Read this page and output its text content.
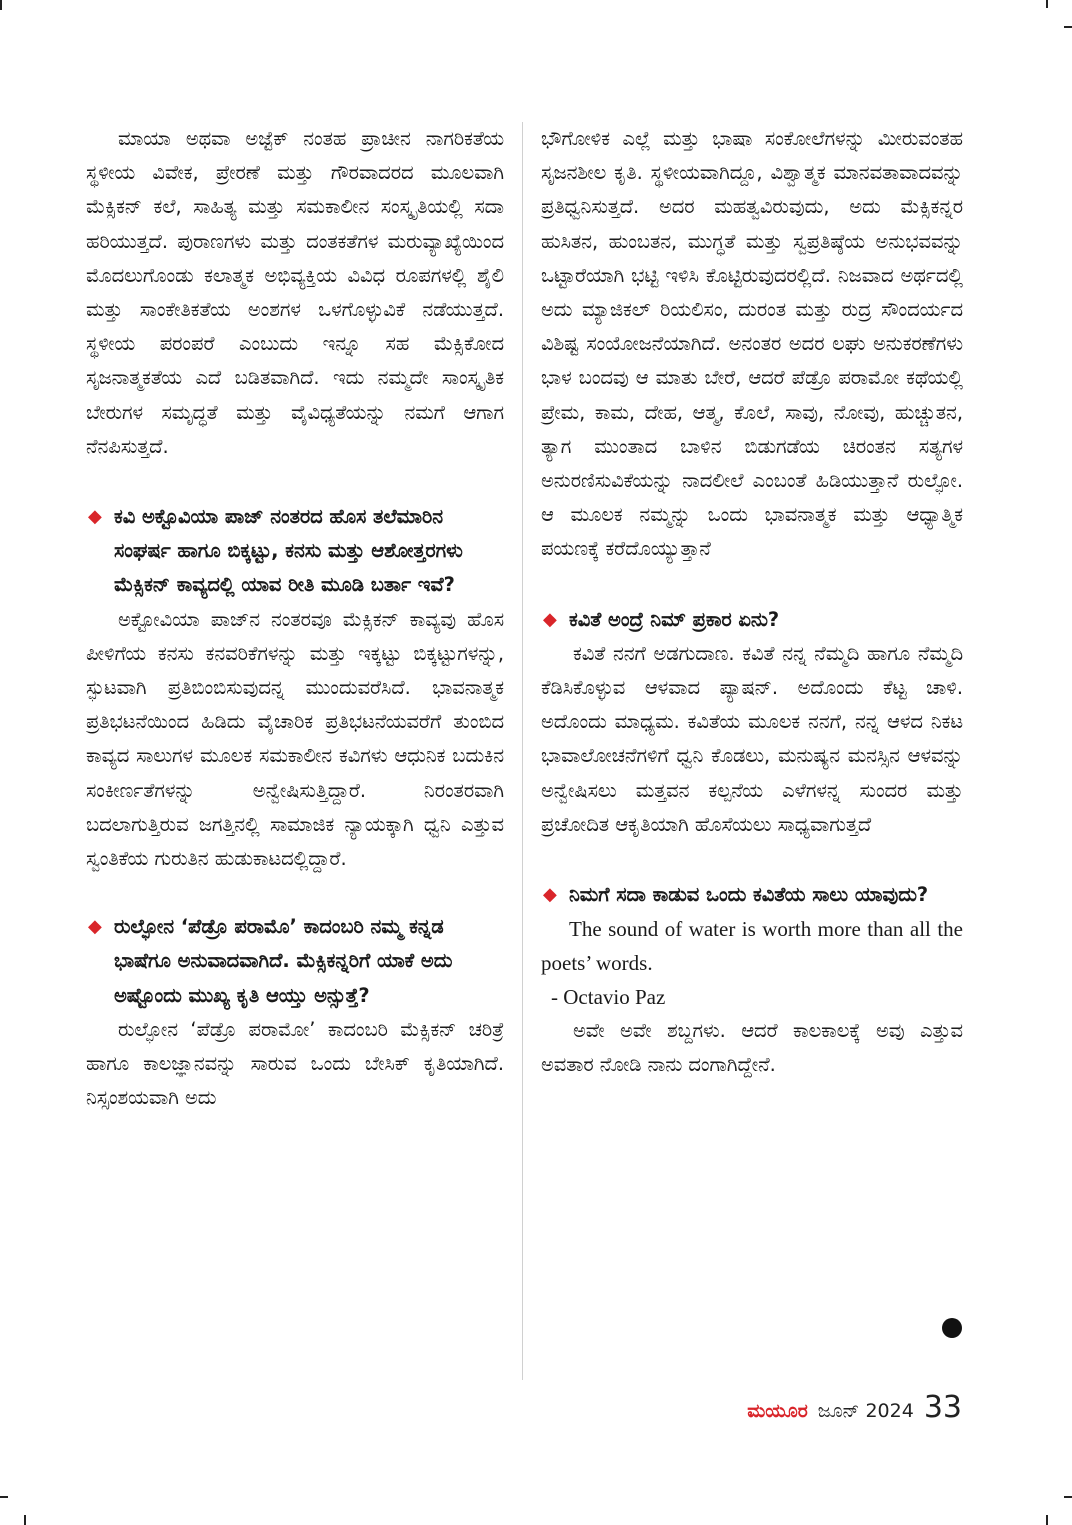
ಮಾಯಾ ಅಥವಾ ಅಜ್ಟೆಕ್ ನಂತಹ ಪ್ರಾಚೀನ ನಾಗರಿಕತೆಯ ಸ್ಥಳೀಯ ವಿವೇಕ, ಪ್ರೇರಣೆ ಮತ್ತು ಗೌರವಾದರದ ಮೂಲವಾಗಿ ಮೆಕ್ಸಿಕನ್ ಕಲೆ, ಸಾಹಿತ್ಯ ಮತ್ತು ಸಮಕಾಲೀನ ಸಂಸ್ಕೃತಿಯಲ್ಲಿ ಸದಾ ಹರಿಯುತ್ತದೆ. ಪುರಾಣಗಳು ಮತ್ತು ದಂತಕತೆಗಳ ಮರುವ್ಯಾಖ್ಯೆಯಿಂದ ಮೊದಲುಗೊಂಡು ಕಲಾತ್ಮಕ ಅಭಿವ್ಯಕ್ತಿಯ ವಿವಿಧ ರೂಪಗಳಲ್ಲಿ ಶೈಲಿ ಮತ್ತು ಸಾಂಕೇತಿಕತೆಯ ಅಂಶಗಳ ಒಳಗೊಳ್ಳುವಿಕೆ ನಡೆಯುತ್ತದೆ. ಸ್ಥಳೀಯ ಪರಂಪರೆ ಎಂಬುದು ಇನ್ನೂ ಸಹ ಮೆಕ್ಸಿಕೋದ ಸೃಜನಾತ್ಮಕತೆಯ ಎದೆ ಬಡಿತವಾಗಿದೆ. ಇದು ನಮ್ಮದೇ ಸಾಂಸ್ಕೃತಿಕ ಬೇರುಗಳ ಸಮೃದ್ಧತೆ ಮತ್ತು ವೈವಿಧ್ಯತೆಯನ್ನು ನಮಗೆ ಆಗಾಗ ನೆನಪಿಸುತ್ತದೆ.

◆ ಕವಿ ಅಕ್ಟೊವಿಯಾ ಪಾಜ್ ನಂತರದ ಹೊಸ ತಲೆಮಾರಿನ ಸಂಘರ್ಷ ಹಾಗೂ ಬಿಕ್ಕಟ್ಟು, ಕನಸು ಮತ್ತು ಆಶೋತ್ತರಗಳು ಮೆಕ್ಸಿಕನ್ ಕಾವ್ಯದಲ್ಲಿ ಯಾವ ರೀತಿ ಮೂಡಿ ಬರ್ತಾ ಇವೆ?

ಅಕ್ಟೋವಿಯಾ ಪಾಜ್‌ನ ನಂತರವೂ ಮೆಕ್ಸಿಕನ್ ಕಾವ್ಯವು ಹೊಸ ಪೀಳಿಗೆಯ ಕನಸು ಕನವರಿಕೆಗಳನ್ನು ಮತ್ತು ಇಕ್ಕಟ್ಟು ಬಿಕ್ಕಟ್ಟುಗಳನ್ನು, ಸ್ಫುಟವಾಗಿ ಪ್ರತಿಬಿಂಬಿಸುವುದನ್ನ ಮುಂದುವರೆಸಿದೆ. ಭಾವನಾತ್ಮಕ ಪ್ರತಿಭಟನೆಯಿಂದ ಹಿಡಿದು ವೈಚಾರಿಕ ಪ್ರತಿಭಟನೆಯವರೆಗೆ ತುಂಬಿದ ಕಾವ್ಯದ ಸಾಲುಗಳ ಮೂಲಕ ಸಮಕಾಲೀನ ಕವಿಗಳು ಆಧುನಿಕ ಬದುಕಿನ ಸಂಕೀರ್ಣತೆಗಳನ್ನು ಅನ್ವೇಷಿಸುತ್ತಿದ್ದಾರೆ. ನಿರಂತರವಾಗಿ ಬದಲಾಗುತ್ತಿರುವ ಜಗತ್ತಿನಲ್ಲಿ ಸಾಮಾಜಿಕ ನ್ಯಾಯಕ್ಕಾಗಿ ಧ್ವನಿ ಎತ್ತುವ ಸ್ವಂತಿಕೆಯ ಗುರುತಿನ ಹುಡುಕಾಟದಲ್ಲಿದ್ದಾರೆ.

◆ ರುಲ್ಫೋನ ‘ಪೆಡ್ರೊ ಪರಾಮೊ’ ಕಾದಂಬರಿ ನಮ್ಮ ಕನ್ನಡ ಭಾಷೆಗೂ ಅನುವಾದವಾಗಿದೆ. ಮೆಕ್ಸಿಕನ್ನರಿಗೆ ಯಾಕೆ ಅದು ಅಷ್ಟೊಂದು ಮುಖ್ಯ ಕೃತಿ ಆಯ್ತು ಅನ್ಸುತ್ತೆ?

ರುಲ್ಫೋನ ‘ಪೆಡ್ರೊ ಪರಾಮೋ’ ಕಾದಂಬರಿ ಮೆಕ್ಸಿಕನ್ ಚರಿತ್ರೆ ಹಾಗೂ ಕಾಲಜ್ಞಾನವನ್ನು ಸಾರುವ ಒಂದು ಬೇಸಿಕ್ ಕೃತಿಯಾಗಿದೆ. ನಿಸ್ಸಂಶಯವಾಗಿ ಅದು

ಭೌಗೋಳಿಕ ಎಲ್ಲೆ ಮತ್ತು ಭಾಷಾ ಸಂಕೋಲೆಗಳನ್ನು ಮೀರುವಂತಹ ಸೃಜನಶೀಲ ಕೃತಿ. ಸ್ಥಳೀಯವಾಗಿದ್ದೂ, ವಿಶ್ವಾತ್ಮಕ ಮಾನವತಾವಾದವನ್ನು ಪ್ರತಿಧ್ವನಿಸುತ್ತದೆ. ಅದರ ಮಹತ್ವವಿರುವುದು, ಅದು ಮೆಕ್ಸಿಕನ್ನರ ಹುಸಿತನ, ಹುಂಬತನ, ಮುಗ್ಧತೆ ಮತ್ತು ಸ್ವಪ್ರತಿಷ್ಠೆಯ ಅನುಭವವನ್ನು ಒಟ್ಟಾರೆಯಾಗಿ ಭಟ್ಟಿ ಇಳಿಸಿ ಕೊಟ್ಟಿರುವುದರಲ್ಲಿದೆ. ನಿಜವಾದ ಅರ್ಥದಲ್ಲಿ ಅದು ಮ್ಯಾಜಿಕಲ್ ರಿಯಲಿಸಂ, ದುರಂತ ಮತ್ತು ರುದ್ರ ಸೌಂದರ್ಯದ ವಿಶಿಷ್ಟ ಸಂಯೋಜನೆಯಾಗಿದೆ. ಅನಂತರ ಅದರ ಲಘು ಅನುಕರಣೆಗಳು ಭಾಳ ಬಂದವು ಆ ಮಾತು ಬೇರೆ, ಆದರೆ ಪೆಡ್ರೊ ಪರಾಮೋ ಕಥೆಯಲ್ಲಿ ಪ್ರೇಮ, ಕಾಮ, ದೇಹ, ಆತ್ಮ, ಕೊಲೆ, ಸಾವು, ನೋವು, ಹುಚ್ಚುತನ, ತ್ಯಾಗ ಮುಂತಾದ ಬಾಳಿನ ಬಿಡುಗಡೆಯ ಚಿರಂತನ ಸತ್ಯಗಳ ಅನುರಣಿಸುವಿಕೆಯನ್ನು ನಾದಲೀಲೆ ಎಂಬಂತೆ ಹಿಡಿಯುತ್ತಾನೆ ರುಲ್ಫೋ. ಆ ಮೂಲಕ ನಮ್ಮನ್ನು ಒಂದು ಭಾವನಾತ್ಮಕ ಮತ್ತು ಆಧ್ಯಾತ್ಮಿಕ ಪಯಣಕ್ಕೆ ಕರೆದೊಯ್ಯುತ್ತಾನೆ

◆ ಕವಿತೆ ಅಂದ್ರೆ ನಿಮ್ ಪ್ರಕಾರ ಏನು?

ಕವಿತೆ ನನಗೆ ಅಡಗುದಾಣ. ಕವಿತೆ ನನ್ನ ನೆಮ್ಮದಿ ಹಾಗೂ ನೆಮ್ಮದಿ ಕೆಡಿಸಿಕೊಳ್ಳುವ ಆಳವಾದ ಪ್ಯಾಷನ್. ಅದೊಂದು ಕೆಟ್ಟ ಚಾಳಿ. ಅದೊಂದು ಮಾಧ್ಯಮ. ಕವಿತೆಯ ಮೂಲಕ ನನಗೆ, ನನ್ನ ಆಳದ ನಿಕಟ ಭಾವಾಲೋಚನೆಗಳಿಗೆ ಧ್ವನಿ ಕೊಡಲು, ಮನುಷ್ಯನ ಮನಸ್ಸಿನ ಆಳವನ್ನು ಅನ್ವೇಷಿಸಲು ಮತ್ತವನ ಕಲ್ಪನೆಯ ಎಳೆಗಳನ್ನ ಸುಂದರ ಮತ್ತು ಪ್ರಚೋದಿತ ಆಕೃತಿಯಾಗಿ ಹೊಸೆಯಲು ಸಾಧ್ಯವಾಗುತ್ತದೆ

◆ ನಿಮಗೆ ಸದಾ ಕಾಡುವ ಒಂದು ಕವಿತೆಯ ಸಾಲು ಯಾವುದು?

The sound of water is worth more than all the poets’ words.

- Octavio Paz

ಅವೇ ಅವೇ ಶಬ್ದಗಳು. ಆದರೆ ಕಾಲಕಾಲಕ್ಕೆ ಅವು ಎತ್ತುವ ಅವತಾರ ನೋಡಿ ನಾನು ದಂಗಾಗಿದ್ದೇನೆ.

ಮಯೂರ ಜೂನ್ 2024 33
